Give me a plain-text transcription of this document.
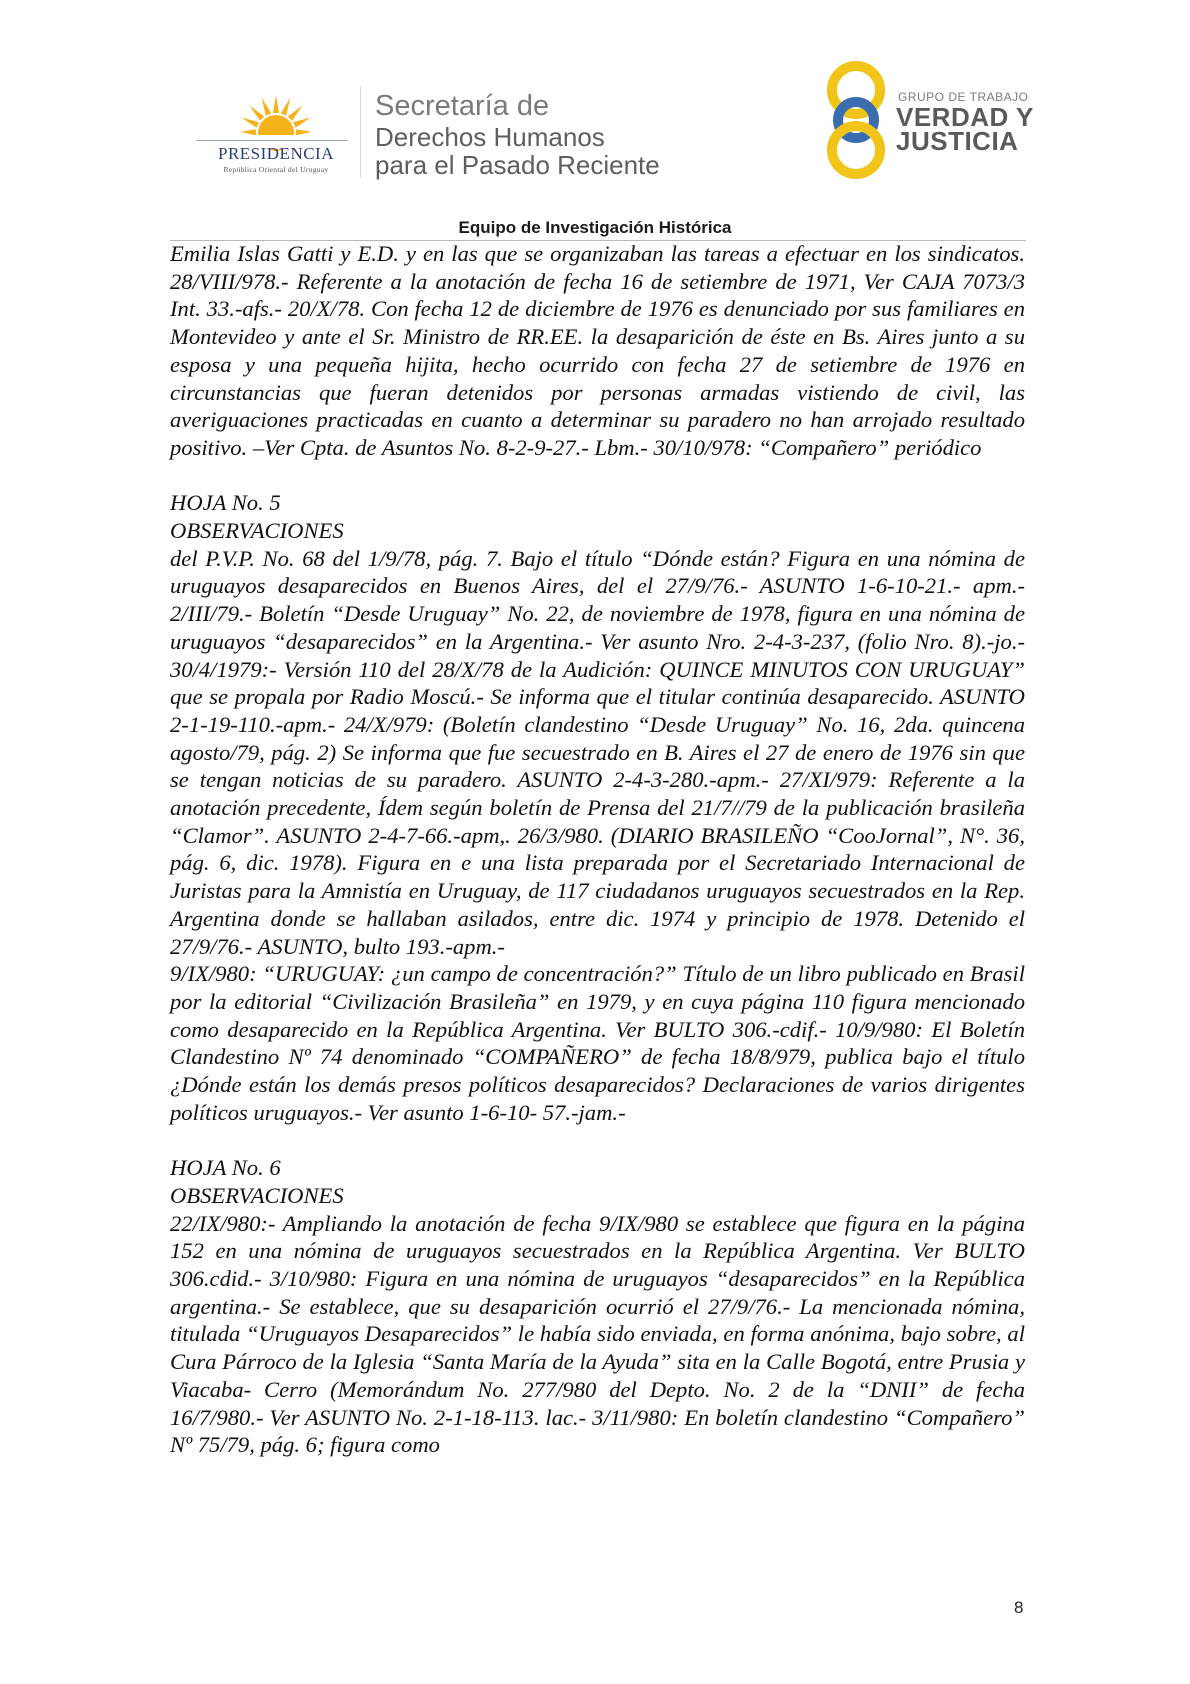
PRESIDENCIA
República Oriental del Uruguay
Secretaría de
Derechos Humanos
para el Pasado Reciente
GRUPO DE TRABAJO
VERDAD Y
JUSTICIA
Equipo de Investigación Histórica

Emilia Islas Gatti y E.D. y en las que se organizaban las tareas a efectuar en los sindicatos. 28/VIII/978.- Referente a la anotación de fecha 16 de setiembre de 1971, Ver CAJA 7073/3 Int. 33.-afs.- 20/X/78. Con fecha 12 de diciembre de 1976 es denunciado por sus familiares en Montevideo y ante el Sr. Ministro de RR.EE. la desaparición de éste en Bs. Aires junto a su esposa y una pequeña hijita, hecho ocurrido con fecha 27 de setiembre de 1976 en circunstancias que fueran detenidos por personas armadas vistiendo de civil, las averiguaciones practicadas en cuanto a determinar su paradero no han arrojado resultado positivo. –Ver Cpta. de Asuntos No. 8-2-9-27.- Lbm.- 30/10/978: “Compañero” periódico

HOJA No. 5

OBSERVACIONES

del P.V.P. No. 68 del 1/9/78, pág. 7. Bajo el título “Dónde están? Figura en una nómina de uruguayos desaparecidos en Buenos Aires, del el 27/9/76.- ASUNTO 1-6-10-21.- apm.- 2/III/79.- Boletín “Desde Uruguay” No. 22, de noviembre de 1978, figura en una nómina de uruguayos “desaparecidos” en la Argentina.- Ver asunto Nro. 2-4-3-237, (folio Nro. 8).-jo.- 30/4/1979:- Versión 110 del 28/X/78 de la Audición: QUINCE MINUTOS CON URUGUAY” que se propala por Radio Moscú.- Se informa que el titular continúa desaparecido. ASUNTO 2-1-19-110.-apm.- 24/X/979: (Boletín clandestino “Desde Uruguay” No. 16, 2da. quincena agosto/79, pág. 2) Se informa que fue secuestrado en B. Aires el 27 de enero de 1976 sin que se tengan noticias de su paradero. ASUNTO 2-4-3-280.-apm.- 27/XI/979: Referente a la anotación precedente, Ídem según boletín de Prensa del 21/7//79 de la publicación brasileña “Clamor”. ASUNTO 2-4-7-66.-apm,. 26/3/980. (DIARIO BRASILEÑO “CooJornal”, N°. 36, pág. 6, dic. 1978). Figura en e una lista preparada por el Secretariado Internacional de Juristas para la Amnistía en Uruguay, de 117 ciudadanos uruguayos secuestrados en la Rep. Argentina donde se hallaban asilados, entre dic. 1974 y principio de 1978. Detenido el 27/9/76.- ASUNTO, bulto 193.-apm.-

9/IX/980: “URUGUAY: ¿un campo de concentración?” Título de un libro publicado en Brasil por la editorial “Civilización Brasileña” en 1979, y en cuya página 110 figura mencionado como desaparecido en la República Argentina. Ver BULTO 306.-cdif.- 10/9/980: El Boletín Clandestino Nº 74 denominado “COMPAÑERO” de fecha 18/8/979, publica bajo el título ¿Dónde están los demás presos políticos desaparecidos? Declaraciones de varios dirigentes políticos uruguayos.- Ver asunto 1-6-10- 57.-jam.-

HOJA No. 6

OBSERVACIONES

22/IX/980:- Ampliando la anotación de fecha 9/IX/980 se establece que figura en la página 152 en una nómina de uruguayos secuestrados en la República Argentina. Ver BULTO 306.cdid.- 3/10/980: Figura en una nómina de uruguayos “desaparecidos” en la República argentina.- Se establece, que su desaparición ocurrió el 27/9/76.- La mencionada nómina, titulada “Uruguayos Desaparecidos” le había sido enviada, en forma anónima, bajo sobre, al Cura Párroco de la Iglesia “Santa María de la Ayuda” sita en la Calle Bogotá, entre Prusia y Viacaba- Cerro (Memorándum No. 277/980 del Depto. No. 2 de la “DNII” de fecha 16/7/980.- Ver ASUNTO No. 2-1-18-113. lac.- 3/11/980: En boletín clandestino “Compañero” Nº 75/79, pág. 6; figura como

8
